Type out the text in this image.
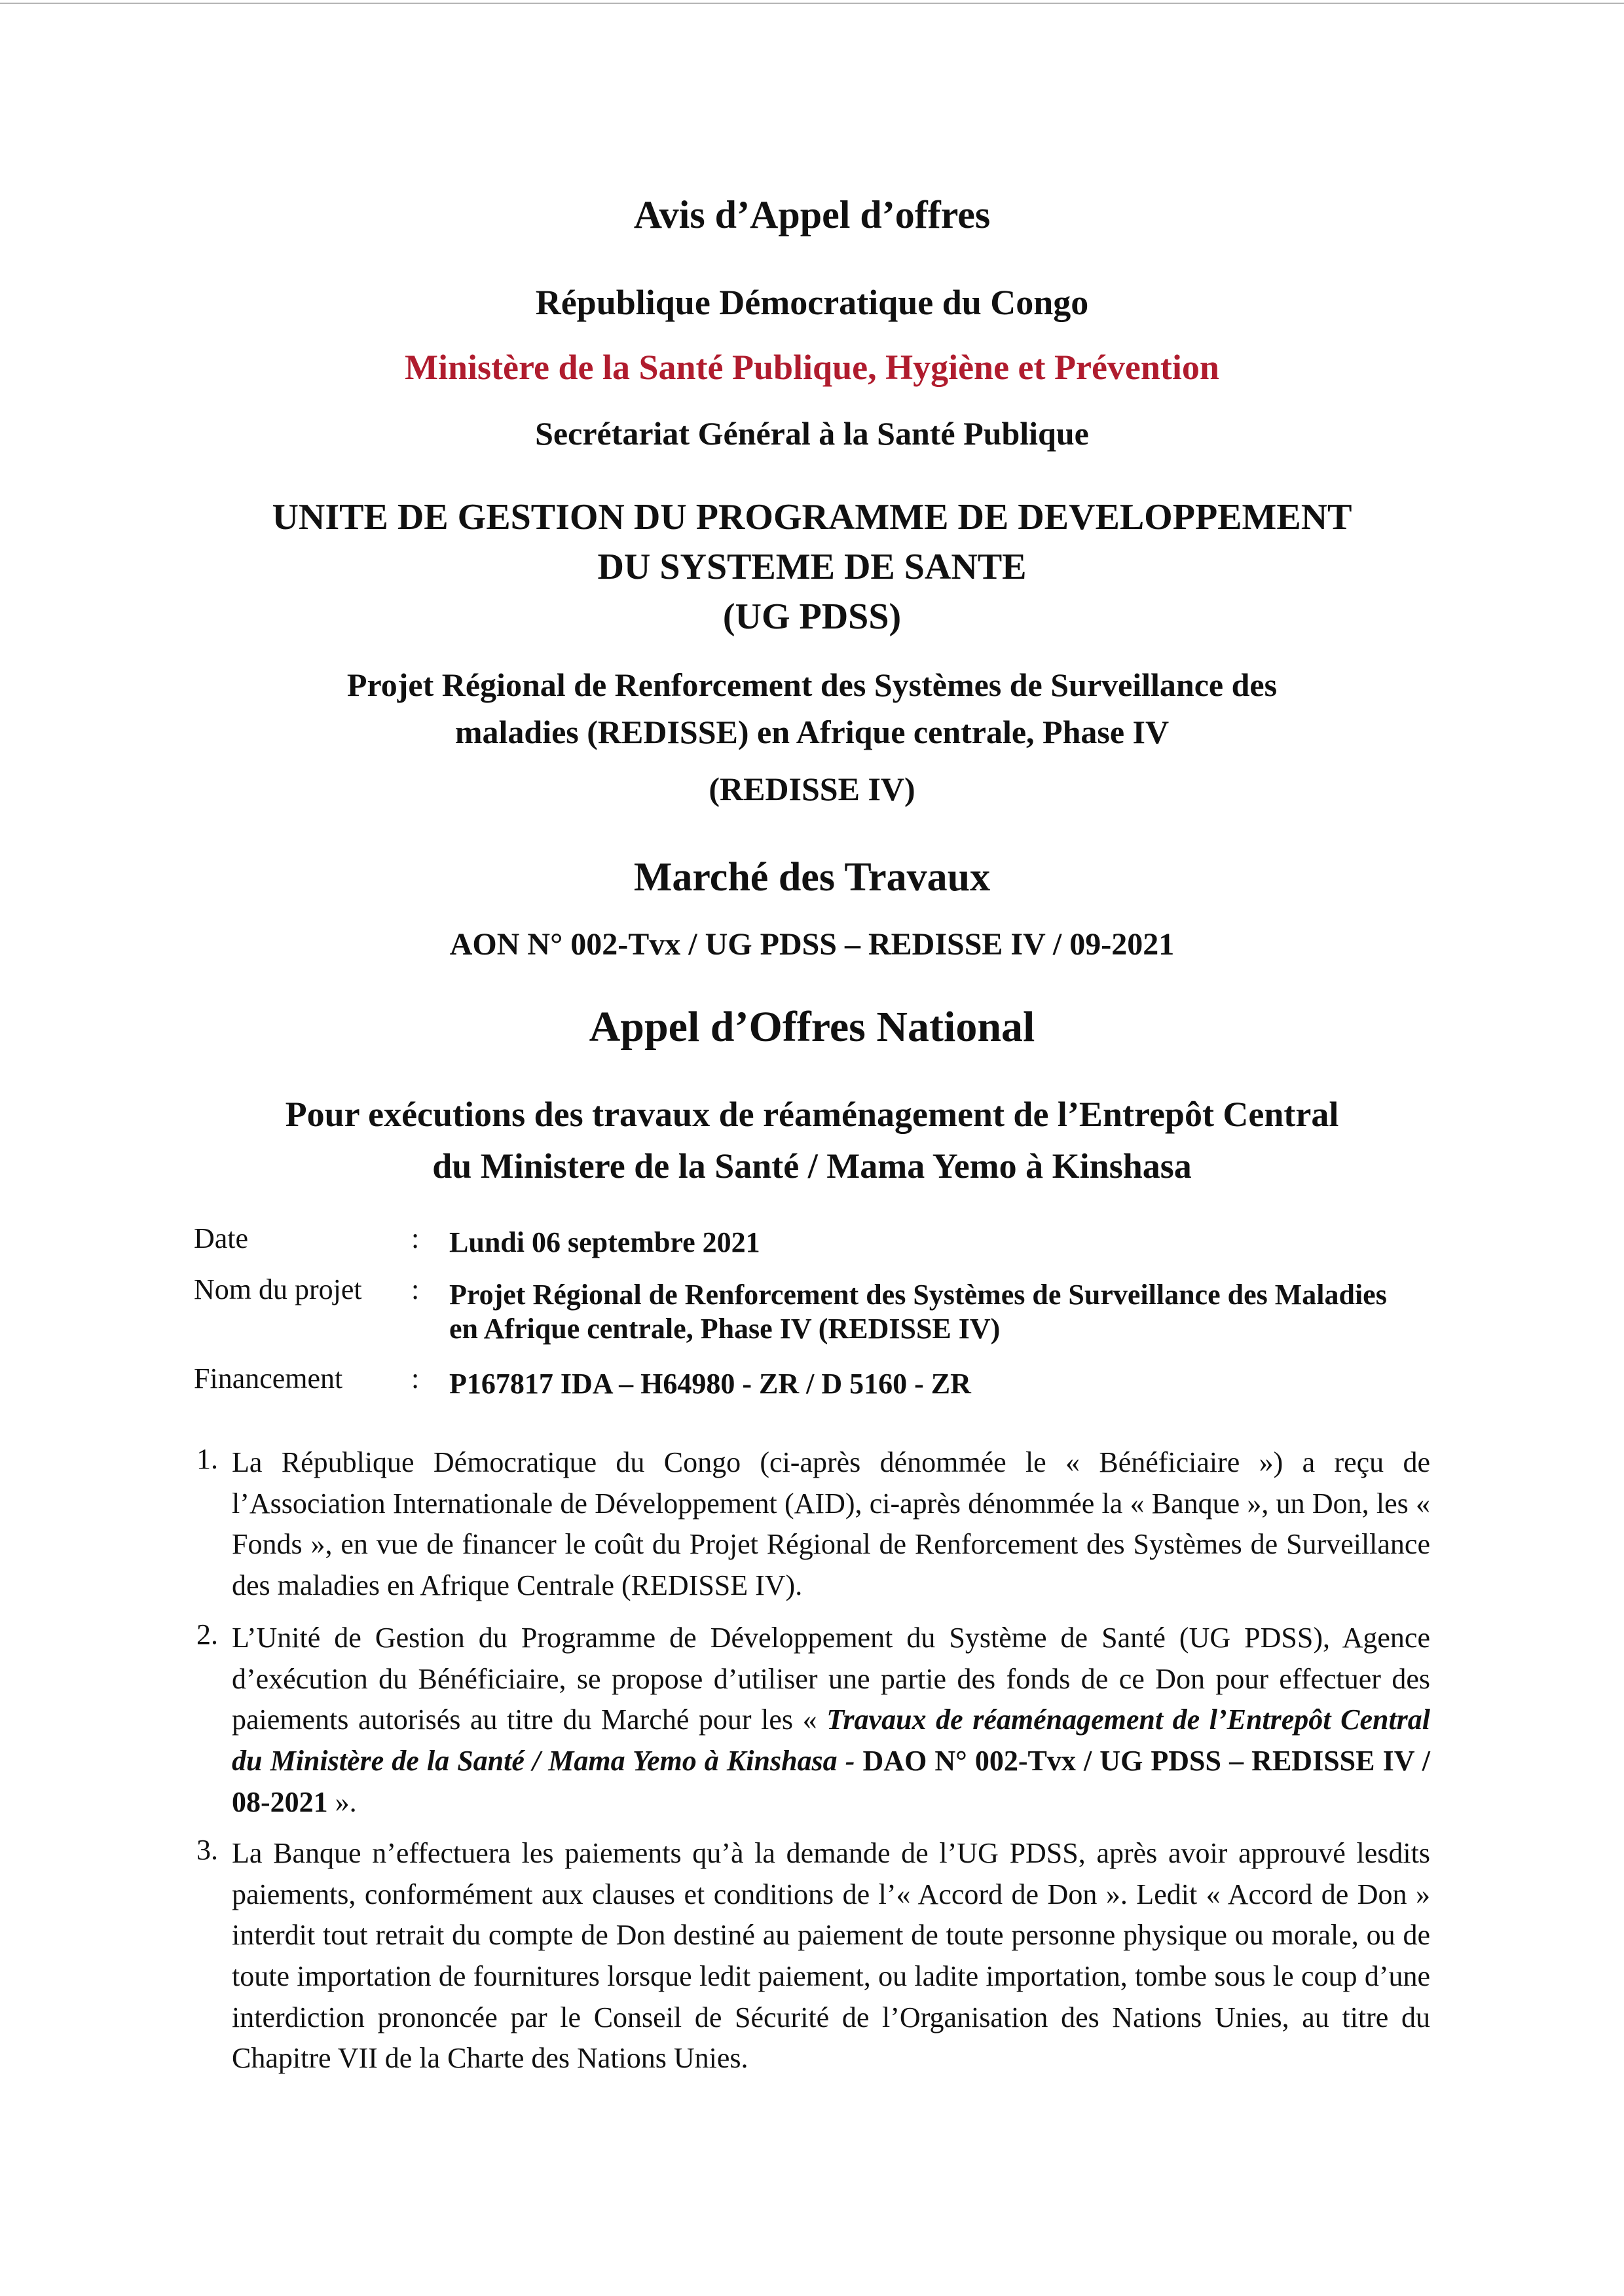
Avis d’Appel d’offres
République Démocratique du Congo
Ministère de la Santé Publique, Hygiène et Prévention
Secrétariat Général à la Santé Publique
UNITE DE GESTION DU PROGRAMME DE DEVELOPPEMENT
DU SYSTEME DE SANTE
(UG PDSS)
Projet Régional de Renforcement des Systèmes de Surveillance des
maladies (REDISSE) en Afrique centrale, Phase IV
(REDISSE IV)
Marché des Travaux
AON N° 002-Tvx / UG PDSS – REDISSE IV / 09-2021
Appel d’Offres National
Pour exécutions des travaux de réaménagement de l’Entrepôt Central
du Ministere de la Santé / Mama Yemo à Kinshasa
Date	: Lundi 06 septembre 2021
Nom du projet : Projet Régional de Renforcement des Systèmes de Surveillance des Maladies en Afrique centrale, Phase IV (REDISSE IV)
Financement : P167817 IDA – H64980 - ZR / D 5160 - ZR
1. La République Démocratique du Congo (ci-après dénommée le « Bénéficiaire ») a reçu de l’Association Internationale de Développement (AID), ci-après dénommée la « Banque », un Don, les « Fonds », en vue de financer le coût du Projet Régional de Renforcement des Systèmes de Surveillance des maladies en Afrique Centrale (REDISSE IV).
2. L’Unité de Gestion du Programme de Développement du Système de Santé (UG PDSS), Agence d’exécution du Bénéficiaire, se propose d’utiliser une partie des fonds de ce Don pour effectuer des paiements autorisés au titre du Marché pour les « Travaux de réaménagement de l’Entrepôt Central du Ministère de la Santé / Mama Yemo à Kinshasa - DAO N° 002-Tvx / UG PDSS – REDISSE IV / 08-2021 ».
3. La Banque n’effectuera les paiements qu’à la demande de l’UG PDSS, après avoir approuvé lesdits paiements, conformément aux clauses et conditions de l’« Accord de Don ». Ledit « Accord de Don » interdit tout retrait du compte de Don destiné au paiement de toute personne physique ou morale, ou de toute importation de fournitures lorsque ledit paiement, ou ladite importation, tombe sous le coup d’une interdiction prononcée par le Conseil de Sécurité de l’Organisation des Nations Unies, au titre du Chapitre VII de la Charte des Nations Unies.
